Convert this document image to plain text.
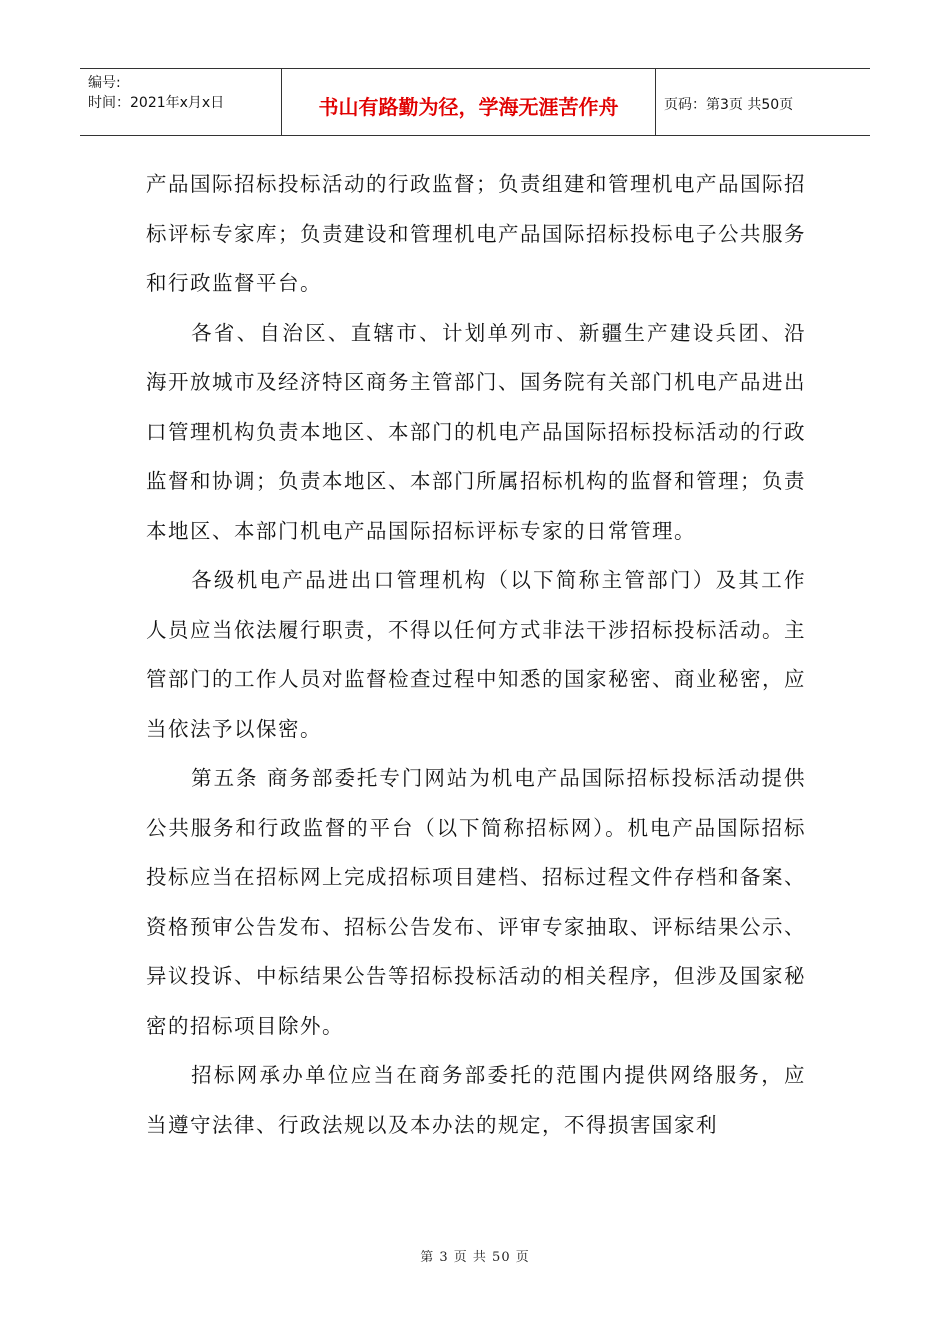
编号:
时间：2021年x月x日	书山有路勤为径，学海无涯苦作舟	页码：第3页 共50页

产品国际招标投标活动的行政监督；负责组建和管理机电产品国际招标评标专家库；负责建设和管理机电产品国际招标投标电子公共服务和行政监督平台。

各省、自治区、直辖市、计划单列市、新疆生产建设兵团、沿海开放城市及经济特区商务主管部门、国务院有关部门机电产品进出口管理机构负责本地区、本部门的机电产品国际招标投标活动的行政监督和协调；负责本地区、本部门所属招标机构的监督和管理；负责本地区、本部门机电产品国际招标评标专家的日常管理。

各级机电产品进出口管理机构（以下简称主管部门）及其工作人员应当依法履行职责，不得以任何方式非法干涉招标投标活动。主管部门的工作人员对监督检查过程中知悉的国家秘密、商业秘密，应当依法予以保密。

第五条 商务部委托专门网站为机电产品国际招标投标活动提供公共服务和行政监督的平台（以下简称招标网）。机电产品国际招标投标应当在招标网上完成招标项目建档、招标过程文件存档和备案、资格预审公告发布、招标公告发布、评审专家抽取、评标结果公示、异议投诉、中标结果公告等招标投标活动的相关程序，但涉及国家秘密的招标项目除外。

招标网承办单位应当在商务部委托的范围内提供网络服务，应当遵守法律、行政法规以及本办法的规定，不得损害国家利

第 3 页 共 50 页
